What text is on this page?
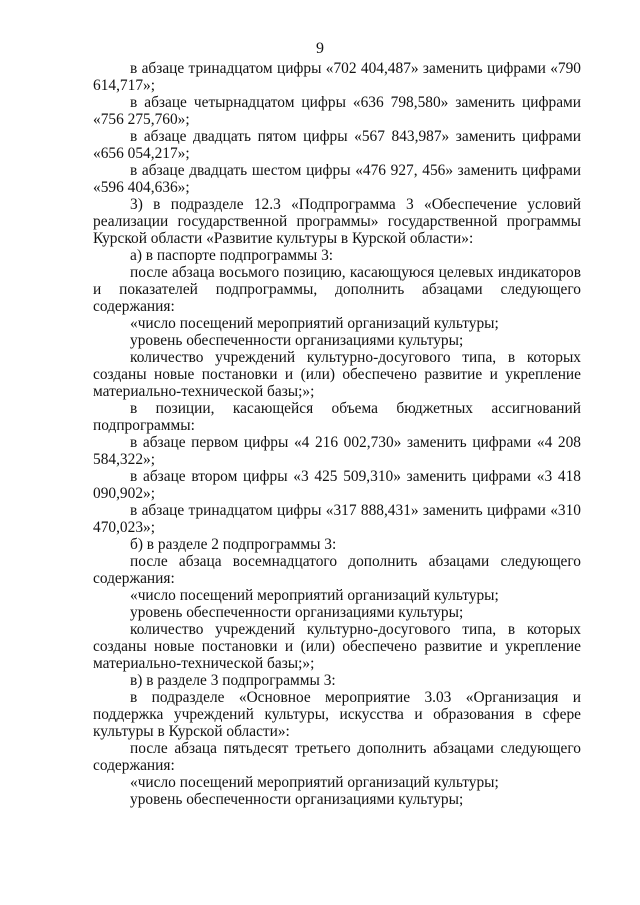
9

в абзаце тринадцатом цифры «702 404,487» заменить цифрами «790 614,717»;

в абзаце четырнадцатом цифры «636 798,580» заменить цифрами «756 275,760»;

в абзаце двадцать пятом цифры «567 843,987» заменить цифрами «656 054,217»;

в абзаце двадцать шестом цифры «476 927, 456» заменить цифрами «596 404,636»;

3) в подразделе 12.3 «Подпрограмма 3 «Обеспечение условий реализации государственной программы» государственной программы Курской области «Развитие культуры в Курской области»:

а) в паспорте подпрограммы 3:

после абзаца восьмого позицию, касающуюся целевых индикаторов и показателей подпрограммы, дополнить абзацами следующего содержания:

«число посещений мероприятий организаций культуры;

уровень обеспеченности организациями культуры;

количество учреждений культурно-досугового типа, в которых созданы новые постановки и (или) обеспечено развитие и укрепление материально-технической базы;»;

в позиции, касающейся объема бюджетных ассигнований подпрограммы:

в абзаце первом цифры «4 216 002,730» заменить цифрами «4 208 584,322»;

в абзаце втором цифры «3 425 509,310» заменить цифрами «3 418 090,902»;

в абзаце тринадцатом цифры «317 888,431» заменить цифрами «310 470,023»;

б) в разделе 2 подпрограммы 3:

после абзаца восемнадцатого дополнить абзацами следующего содержания:

«число посещений мероприятий организаций культуры;

уровень обеспеченности организациями культуры;

количество учреждений культурно-досугового типа, в которых созданы новые постановки и (или) обеспечено развитие и укрепление материально-технической базы;»;

в) в разделе 3 подпрограммы 3:

в подразделе «Основное мероприятие 3.03 «Организация и поддержка учреждений культуры, искусства и образования в сфере культуры в Курской области»:

после абзаца пятьдесят третьего дополнить абзацами следующего содержания:

«число посещений мероприятий организаций культуры;

уровень обеспеченности организациями культуры;
